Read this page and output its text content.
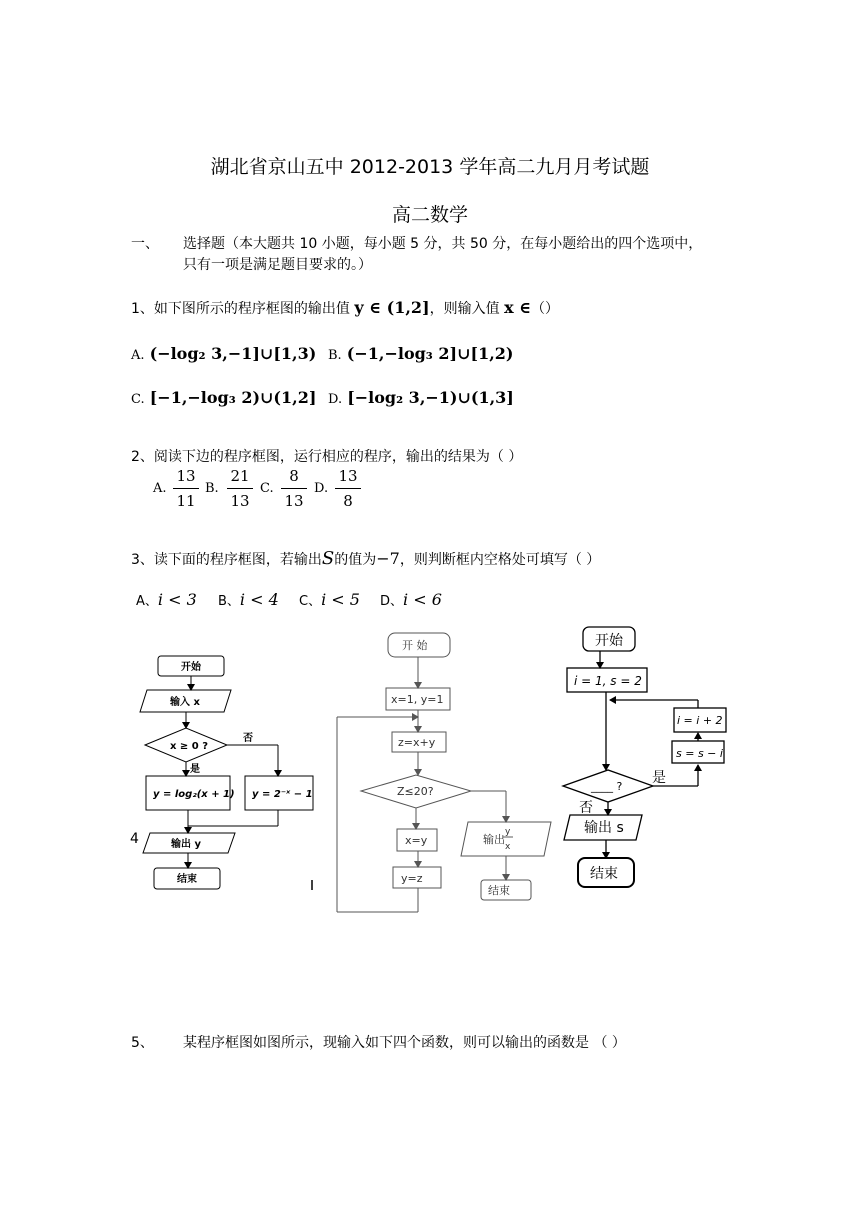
湖北省京山五中 2012-2013 学年高二九月月考试题
高二数学
一、 选择题（本大题共 10 小题，每小题 5 分，共 50 分，在每小题给出的四个选项中，
只有一项是满足题目要求的。）
1、如下图所示的程序框图的输出值 y ∈ (1,2]，则输入值 x ∈（）
A. (−log₂ 3,−1]∪[1,3) B. (−1,−log₃ 2]∪[1,2)
C. [−1,−log₃ 2)∪(1,2] D. [−log₂ 3,−1)∪(1,3]
2、阅读下边的程序框图，运行相应的程序，输出的结果为（ ）
A.
13
11
B.
21
13
C.
8
13
D.
13
8
3、读下面的程序框图，若输出S的值为−7，则判断框内空格处可填写（ ）
A、i < 3 B、i < 4 C、i < 5 D、i < 6
开始
输入 x
x ≥ 0 ?
否
是
y = log₂(x + 1) y = 2⁻ˣ − 1
输出 y
结束
4
开 始
x=1, y=1
z=x+y
Z≤20?
x=y
y=z
输出
y
x
结束
开始
i = 1, s = 2
____ ?
是
否
i = i + 2
s = s − i
输出 s
结束
5、 某程序框图如图所示，现输入如下四个函数，则可以输出的函数是 （ ）
